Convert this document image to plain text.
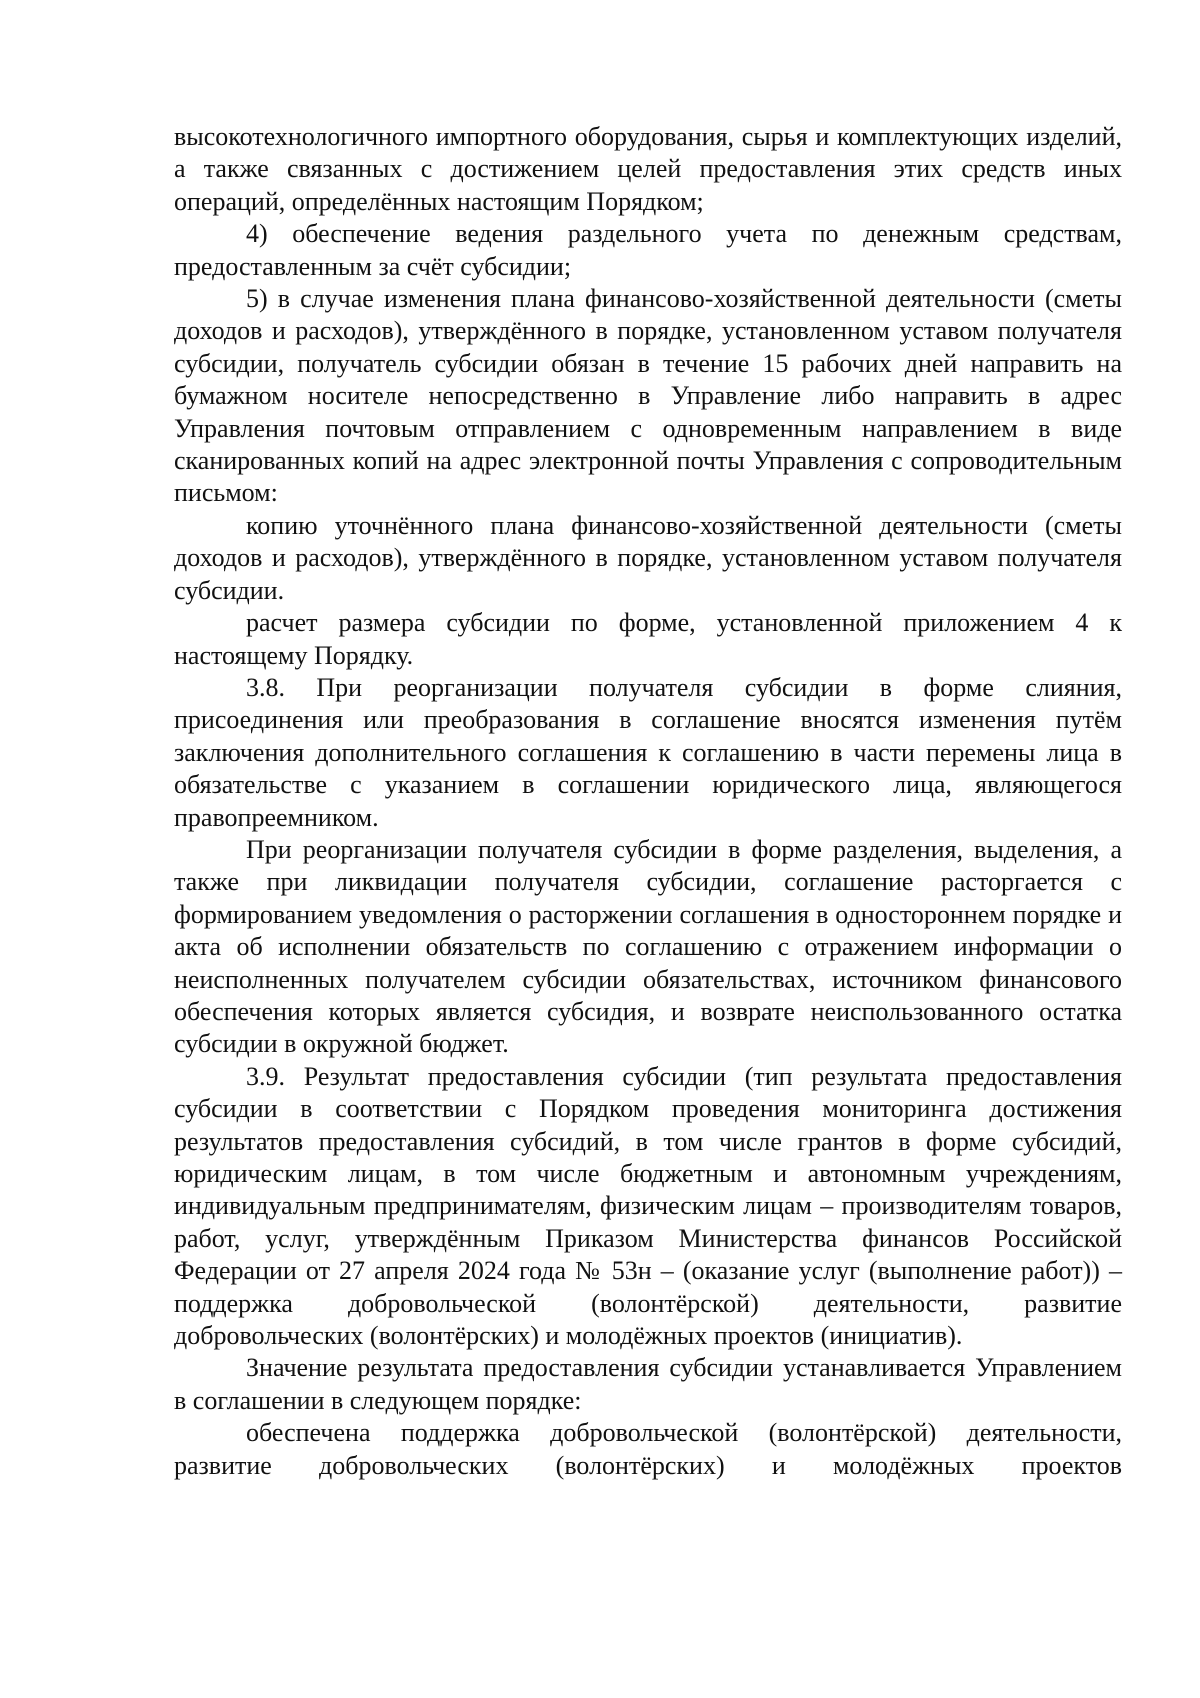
высокотехнологичного импортного оборудования, сырья и комплектующих изделий, а также связанных с достижением целей предоставления этих средств иных операций, определённых настоящим Порядком;

4) обеспечение ведения раздельного учета по денежным средствам, предоставленным за счёт субсидии;

5) в случае изменения плана финансово-хозяйственной деятельности (сметы доходов и расходов), утверждённого в порядке, установленном уставом получателя субсидии, получатель субсидии обязан в течение 15 рабочих дней направить на бумажном носителе непосредственно в Управление либо направить в адрес Управления почтовым отправлением с одновременным направлением в виде сканированных копий на адрес электронной почты Управления с сопроводительным письмом:

копию уточнённого плана финансово-хозяйственной деятельности (сметы доходов и расходов), утверждённого в порядке, установленном уставом получателя субсидии.

расчет размера субсидии по форме, установленной приложением 4 к настоящему Порядку.

3.8. При реорганизации получателя субсидии в форме слияния, присоединения или преобразования в соглашение вносятся изменения путём заключения дополнительного соглашения к соглашению в части перемены лица в обязательстве с указанием в соглашении юридического лица, являющегося правопреемником.

При реорганизации получателя субсидии в форме разделения, выделения, а также при ликвидации получателя субсидии, соглашение расторгается с формированием уведомления о расторжении соглашения в одностороннем порядке и акта об исполнении обязательств по соглашению с отражением информации о неисполненных получателем субсидии обязательствах, источником финансового обеспечения которых является субсидия, и возврате неиспользованного остатка субсидии в окружной бюджет.

3.9. Результат предоставления субсидии (тип результата предоставления субсидии в соответствии с Порядком проведения мониторинга достижения результатов предоставления субсидий, в том числе грантов в форме субсидий, юридическим лицам, в том числе бюджетным и автономным учреждениям, индивидуальным предпринимателям, физическим лицам – производителям товаров, работ, услуг, утверждённым Приказом Министерства финансов Российской Федерации от 27 апреля 2024 года № 53н – (оказание услуг (выполнение работ)) – поддержка добровольческой (волонтёрской) деятельности, развитие добровольческих (волонтёрских) и молодёжных проектов (инициатив).

Значение результата предоставления субсидии устанавливается Управлением в соглашении в следующем порядке:

обеспечена поддержка добровольческой (волонтёрской) деятельности, развитие добровольческих (волонтёрских) и молодёжных проектов
